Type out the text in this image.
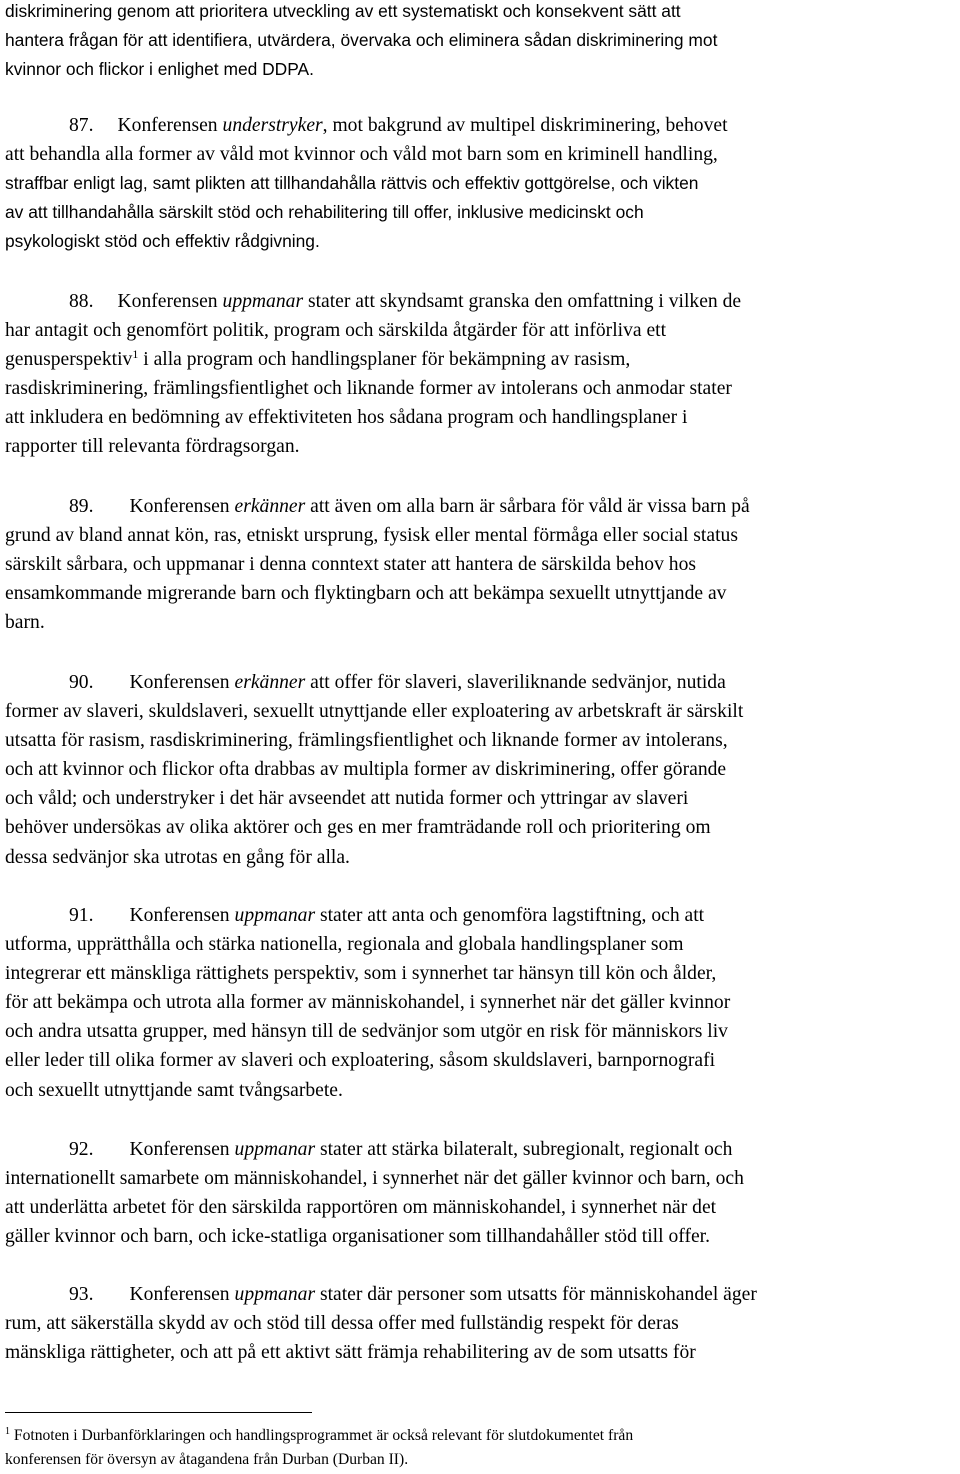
diskriminering genom att prioritera utveckling av ett systematiskt och konsekvent sätt att
hantera frågan för att identifiera, utvärdera, övervaka och eliminera sådan diskriminering mot
kvinnor och flickor i enlighet med DDPA.
87. Konferensen understryker, mot bakgrund av multipel diskriminering, behovet
att behandla alla former av våld mot kvinnor och våld mot barn som en kriminell handling,
straffbar enligt lag, samt plikten att tillhandahålla rättvis och effektiv gottgörelse, och vikten
av att tillhandahålla särskilt stöd och rehabilitering till offer, inklusive medicinskt och
psykologiskt stöd och effektiv rådgivning.
88. Konferensen uppmanar stater att skyndsamt granska den omfattning i vilken de
har antagit och genomfört politik, program och särskilda åtgärder för att införliva ett
genusperspektiv$^1$ i alla program och handlingsplaner för bekämpning av rasism,
rasdiskriminering, främlingsfientlighet och liknande former av intolerans och anmodar stater
att inkludera en bedömning av effektiviteten hos sådana program och handlingsplaner i
rapporter till relevanta fördragsorgan.
89. Konferensen erkänner att även om alla barn är sårbara för våld är vissa barn på
grund av bland annat kön, ras, etniskt ursprung, fysisk eller mental förmåga eller social status
särskilt sårbara, och uppmanar i denna conntext stater att hantera de särskilda behov hos
ensamkommande migrerande barn och flyktingbarn och att bekämpa sexuellt utnyttjande av
barn.
90. Konferensen erkänner att offer för slaveri, slaveriliknande sedvänjor, nutida
former av slaveri, skuldslaveri, sexuellt utnyttjande eller exploatering av arbetskraft är särskilt
utsatta för rasism, rasdiskriminering, främlingsfientlighet och liknande former av intolerans,
och att kvinnor och flickor ofta drabbas av multipla former av diskriminering, offer görande
och våld; och understryker i det här avseendet att nutida former och yttringar av slaveri
behöver undersökas av olika aktörer och ges en mer framträdande roll och prioritering om
dessa sedvänjor ska utrotas en gång för alla.
91. Konferensen uppmanar stater att anta och genomföra lagstiftning, och att
utforma, upprätthålla och stärka nationella, regionala and globala handlingsplaner som
integrerar ett mänskliga rättighets perspektiv, som i synnerhet tar hänsyn till kön och ålder,
för att bekämpa och utrota alla former av människohandel, i synnerhet när det gäller kvinnor
och andra utsatta grupper, med hänsyn till de sedvänjor som utgör en risk för människors liv
eller leder till olika former av slaveri och exploatering, såsom skuldslaveri, barnpornografi
och sexuellt utnyttjande samt tvångsarbete.
92. Konferensen uppmanar stater att stärka bilateralt, subregionalt, regionalt och
internationellt samarbete om människohandel, i synnerhet när det gäller kvinnor och barn, och
att underlätta arbetet för den särskilda rapportören om människohandel, i synnerhet när det
gäller kvinnor och barn, och icke-statliga organisationer som tillhandahåller stöd till offer.
93. Konferensen uppmanar stater där personer som utsatts för människohandel äger
rum, att säkerställa skydd av och stöd till dessa offer med fullständig respekt för deras
mänskliga rättigheter, och att på ett aktivt sätt främja rehabilitering av de som utsatts för
$^1$ Fotnoten i Durbanförklaringen och handlingsprogrammet är också relevant för slutdokumentet från
konferensen för översyn av åtagandena från Durban (Durban II).
